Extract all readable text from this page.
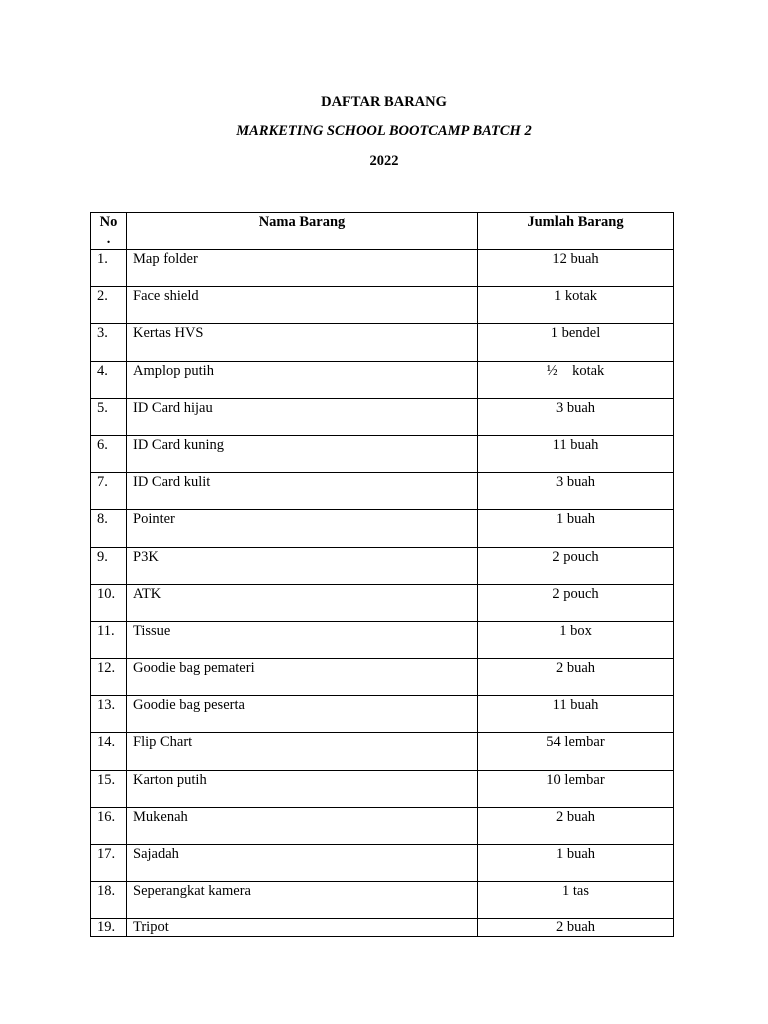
DAFTAR BARANG
MARKETING SCHOOL BOOTCAMP BATCH 2
2022
No
.	Nama Barang	Jumlah Barang
1.	Map folder	12 buah
2.	Face shield	1 kotak
3.	Kertas HVS	1 bendel
4.	Amplop putih	½    kotak
5.	ID Card hijau	3 buah
6.	ID Card kuning	11 buah
7.	ID Card kulit	3 buah
8.	Pointer	1 buah
9.	P3K	2 pouch
10.	ATK	2 pouch
11.	Tissue	1 box
12.	Goodie bag pemateri	2 buah
13.	Goodie bag peserta	11 buah
14.	Flip Chart	54 lembar
15.	Karton putih	10 lembar
16.	Mukenah	2 buah
17.	Sajadah	1 buah
18.	Seperangkat kamera	1 tas
19.	Tripot	2 buah
